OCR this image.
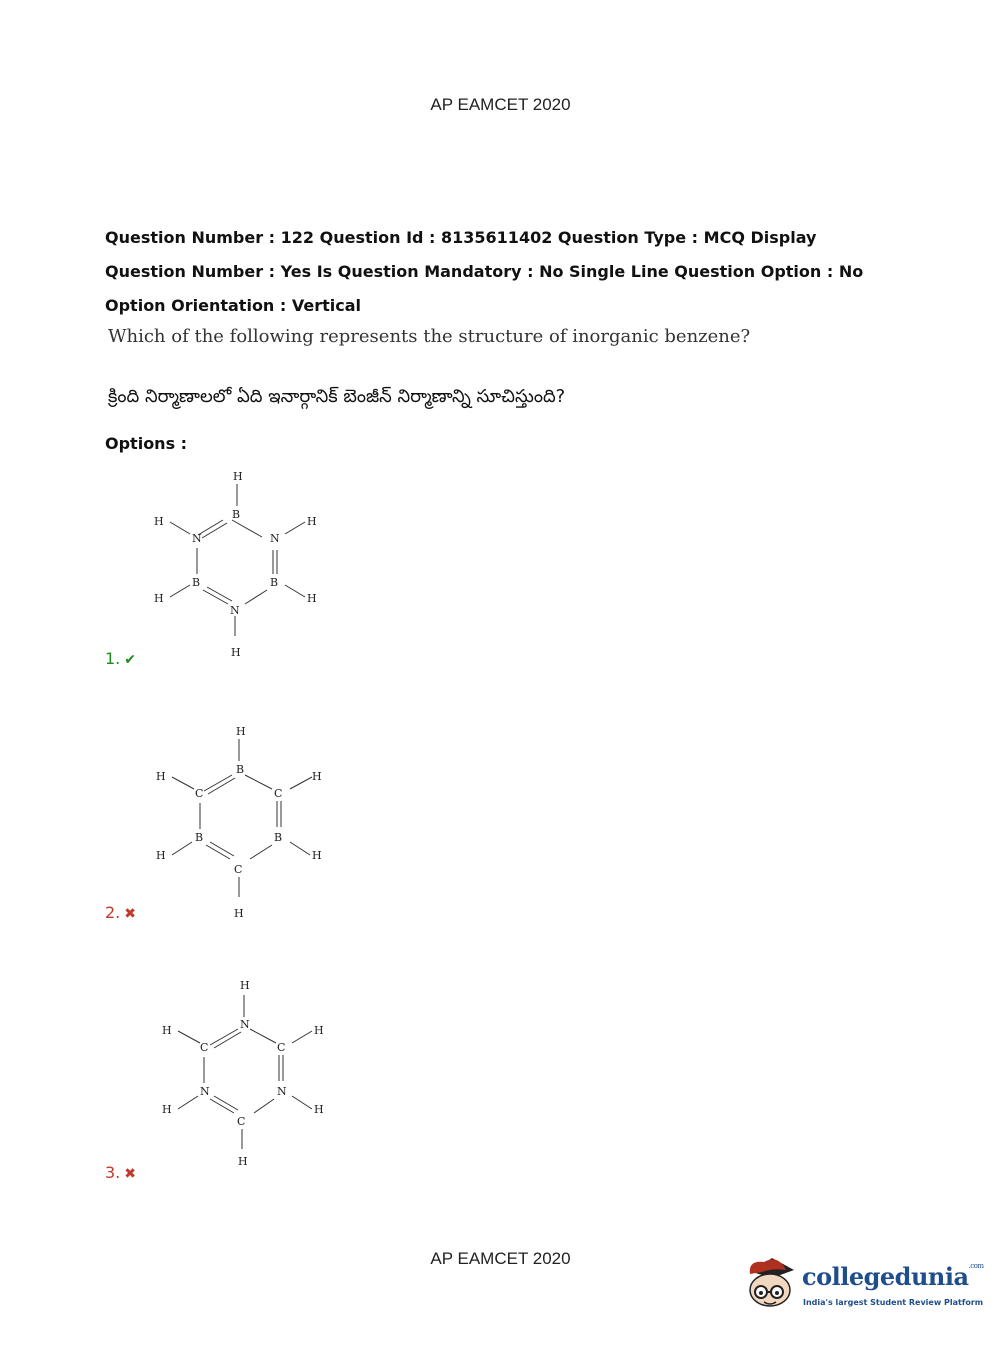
AP EAMCET 2020
Question Number : 122 Question Id : 8135611402 Question Type : MCQ Display Question Number : Yes Is Question Mandatory : No Single Line Question Option : No Option Orientation : Vertical
Which of the following represents the structure of inorganic benzene?
క్రింది నిర్మాణాలలో ఏది ఇనార్గానిక్ బెంజీన్ నిర్మాణాన్ని సూచిస్తుంది?
Options :
B
N
B
N
B
N
H
H
H	H
H	H
1. ✔
B
C
B
C
B
C
H
H
H	H
H	H
2. ✖
N
C
N
C
N
C
H
H
H	H
H	H
3. ✖
AP EAMCET 2020
collegedunia$^{.com}$
India's largest Student Review Platform
